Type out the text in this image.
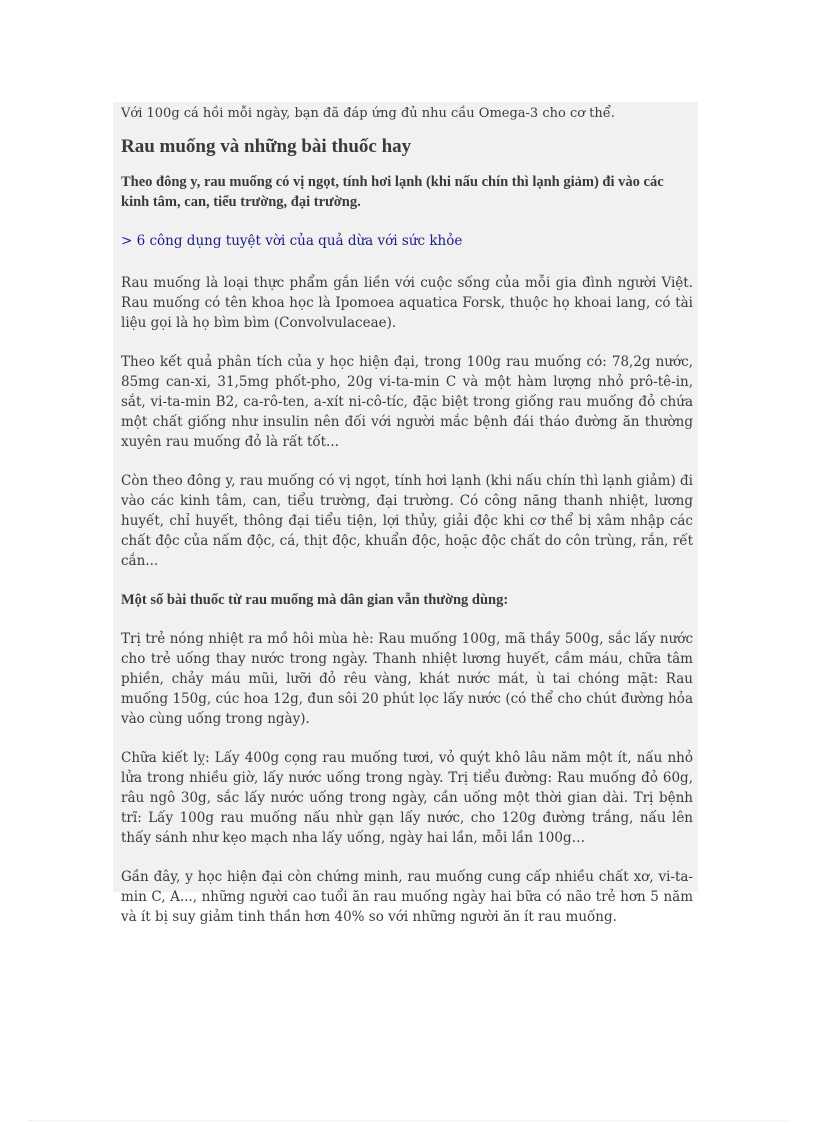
Với 100g cá hồi mỗi ngày, bạn đã đáp ứng đủ nhu cầu Omega-3 cho cơ thể.

Rau muống và những bài thuốc hay

Theo đông y, rau muống có vị ngọt, tính hơi lạnh (khi nấu chín thì lạnh giảm) đi vào các kinh tâm, can, tiểu trường, đại trường.

> 6 công dụng tuyệt vời của quả dừa với sức khỏe

Rau muống là loại thực phẩm gắn liền với cuộc sống của mỗi gia đình người Việt. Rau muống có tên khoa học là Ipomoea aquatica Forsk, thuộc họ khoai lang, có tài liệu gọi là họ bìm bìm (Convolvulaceae).

Theo kết quả phân tích của y học hiện đại, trong 100g rau muống có: 78,2g nước, 85mg can-xi, 31,5mg phốt-pho, 20g vi-ta-min C và một hàm lượng nhỏ prô-tê-in, sắt, vi-ta-min B2, ca-rô-ten, a-xít ni-cô-tíc, đặc biệt trong giống rau muống đỏ chứa một chất giống như insulin nên đối với người mắc bệnh đái tháo đường ăn thường xuyên rau muống đỏ là rất tốt...

Còn theo đông y, rau muống có vị ngọt, tính hơi lạnh (khi nấu chín thì lạnh giảm) đi vào các kinh tâm, can, tiểu trường, đại trường. Có công năng thanh nhiệt, lương huyết, chỉ huyết, thông đại tiểu tiện, lợi thủy, giải độc khi cơ thể bị xâm nhập các chất độc của nấm độc, cá, thịt độc, khuẩn độc, hoặc độc chất do côn trùng, rắn, rết cắn...

Một số bài thuốc từ rau muống mà dân gian vẫn thường dùng:

Trị trẻ nóng nhiệt ra mồ hôi mùa hè: Rau muống 100g, mã thầy 500g, sắc lấy nước cho trẻ uống thay nước trong ngày. Thanh nhiệt lương huyết, cầm máu, chữa tâm phiền, chảy máu mũi, lưỡi đỏ rêu vàng, khát nước mát, ù tai chóng mặt: Rau muống 150g, cúc hoa 12g, đun sôi 20 phút lọc lấy nước (có thể cho chút đường hỏa vào cùng uống trong ngày).

Chữa kiết lỵ: Lấy 400g cọng rau muống tươi, vỏ quýt khô lâu năm một ít, nấu nhỏ lửa trong nhiều giờ, lấy nước uống trong ngày. Trị tiểu đường: Rau muống đỏ 60g, râu ngô 30g, sắc lấy nước uống trong ngày, cần uống một thời gian dài. Trị bệnh trĩ: Lấy 100g rau muống nấu nhừ gạn lấy nước, cho 120g đường trắng, nấu lên thấy sánh như kẹo mạch nha lấy uống, ngày hai lần, mỗi lần 100g…

Gần đây, y học hiện đại còn chứng minh, rau muống cung cấp nhiều chất xơ, vi-ta-min C, A..., những người cao tuổi ăn rau muống ngày hai bữa có não trẻ hơn 5 năm và ít bị suy giảm tinh thần hơn 40% so với những người ăn ít rau muống.
